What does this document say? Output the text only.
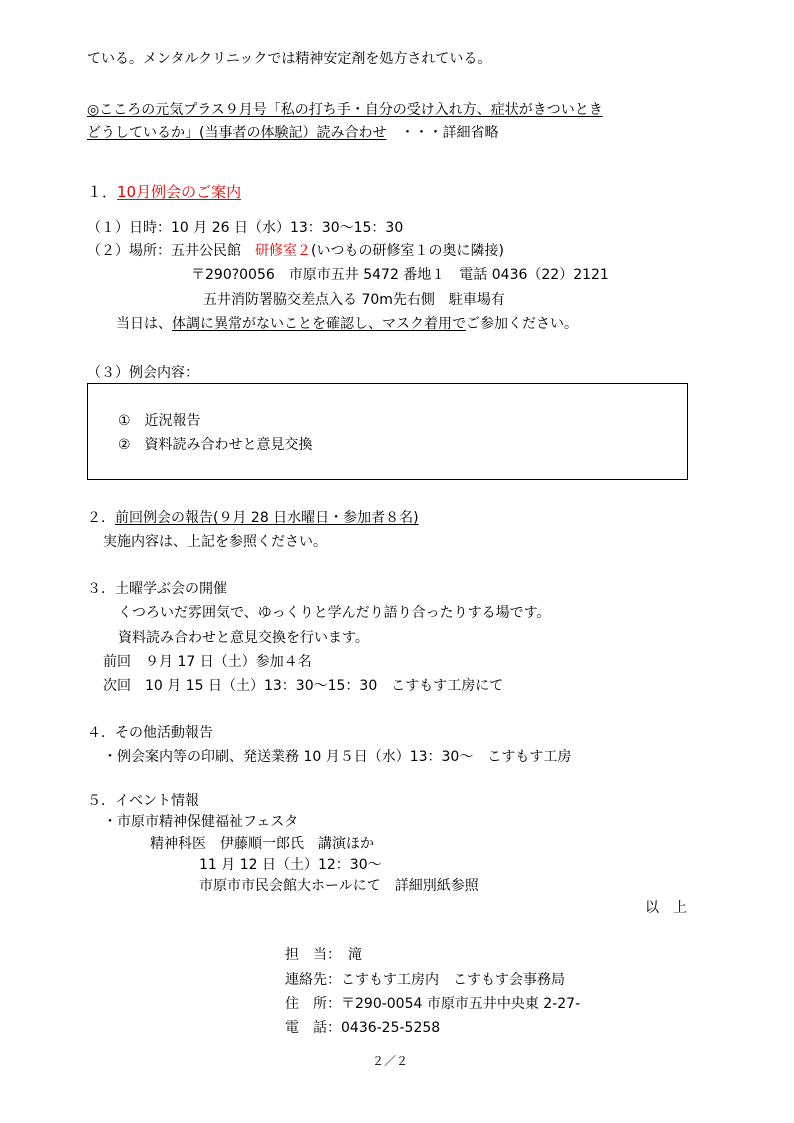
ている。メンタルクリニックでは精神安定剤を処方されている。
◎こころの元気プラス９月号「私の打ち手・自分の受け入れ方、症状がきついとき
どうしているか」(当事者の体験記）読み合わせ　・・・詳細省略
１．10月例会のご案内
（１）日時：10 月 26 日（水）13：30～15：30
（２）場所：五井公民館　研修室２(いつもの研修室１の奥に隣接)
〒290?0056　市原市五井 5472 番地１　電話 0436（22）2121
五井消防署脇交差点入る 70m先右側　駐車場有
当日は、体調に異常がないことを確認し、マスク着用でご参加ください。
（３）例会内容：
①　近況報告
②　資料読み合わせと意見交換
２．前回例会の報告(９月 28 日水曜日・参加者８名)
実施内容は、上記を参照ください。
３．土曜学ぶ会の開催
くつろいだ雰囲気で、ゆっくりと学んだり語り合ったりする場です。
資料読み合わせと意見交換を行います。
前回　９月 17 日（土）参加４名
次回　10 月 15 日（土）13：30～15：30　こすもす工房にて
４．その他活動報告
・例会案内等の印刷、発送業務 10 月５日（水）13：30～　こすもす工房
５．イベント情報
・市原市精神保健福祉フェスタ
精神科医　伊藤順一郎氏　講演ほか
11 月 12 日（土）12：30～
市原市市民会館大ホールにて　詳細別紙参照
以　上
担　当：　滝
連絡先：こすもす工房内　こすもす会事務局
住　所：〒290-0054 市原市五井中央東 2-27-
電　話：0436-25-5258
２／２
